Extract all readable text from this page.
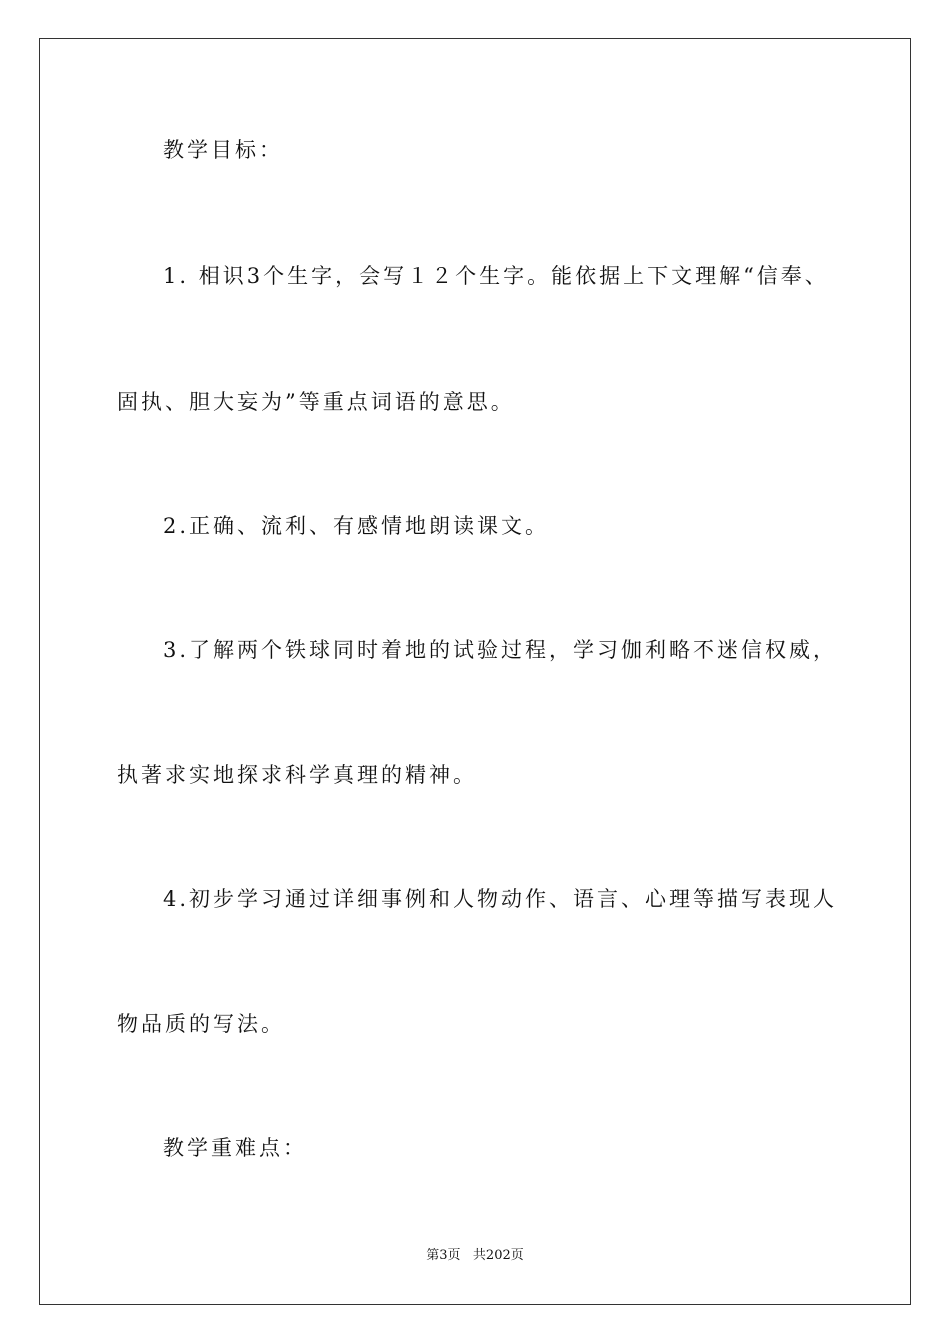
教学目标：
1. 相识3个生字，会写１２个生字。能依据上下文理解“信奉、
固执、胆大妄为”等重点词语的意思。
2.正确、流利、有感情地朗读课文。
3.了解两个铁球同时着地的试验过程，学习伽利略不迷信权威，
执著求实地探求科学真理的精神。
4.初步学习通过详细事例和人物动作、语言、心理等描写表现人
物品质的写法。
教学重难点：
第3页 共202页
